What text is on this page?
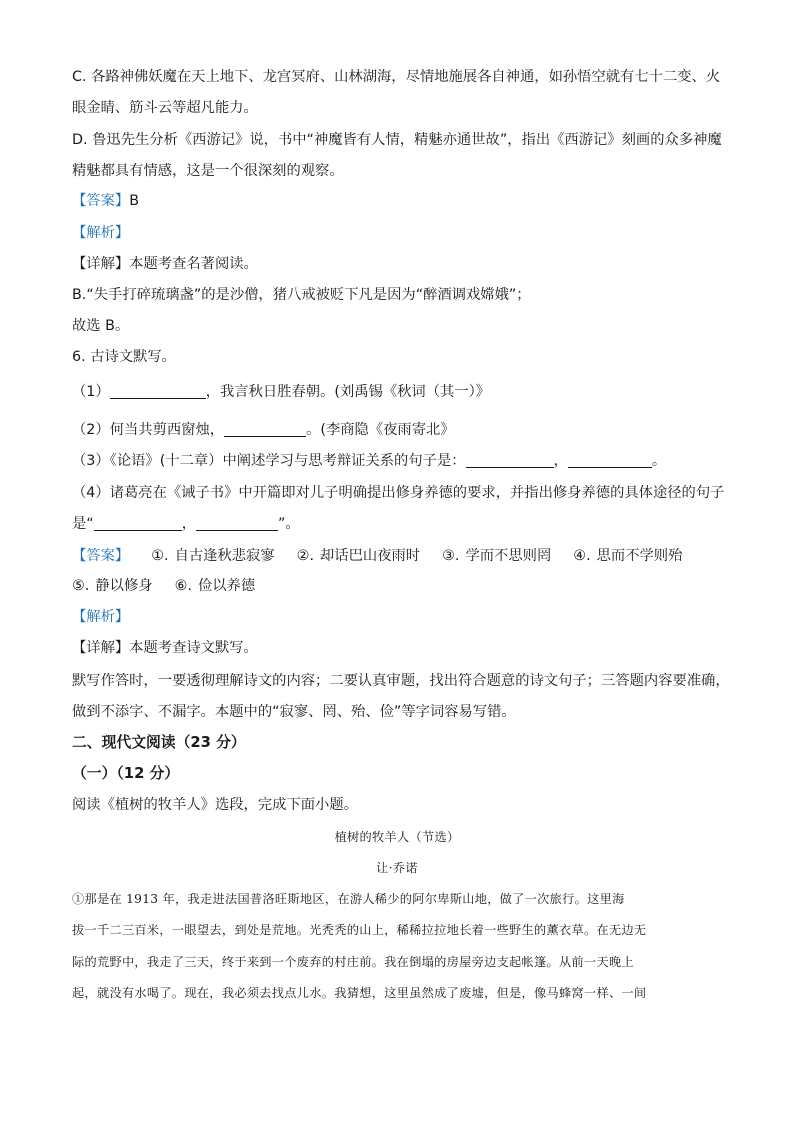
C. 各路神佛妖魔在天上地下、龙宫冥府、山林湖海，尽情地施展各自神通，如孙悟空就有七十二变、火
眼金睛、筋斗云等超凡能力。
D. 鲁迅先生分析《西游记》说，书中“神魔皆有人情，精魅亦通世故”，指出《西游记》刻画的众多神魔
精魅都具有情感，这是一个很深刻的观察。
【答案】B
【解析】
【详解】本题考查名著阅读。
B.“失手打碎琉璃盏”的是沙僧，猪八戒被贬下凡是因为“醉酒调戏嫦娥”；
故选 B。
6. 古诗文默写。
（1）	，我言秋日胜春朝。(刘禹锡《秋词（其一）》
（2）何当共剪西窗烛，	。(李商隐《夜雨寄北》
（3）《论语》(十二章）中阐述学习与思考辩证关系的句子是：	，	。
（4）诸葛亮在《诫子书》中开篇即对儿子明确提出修身养德的要求，并指出修身养德的具体途径的句子
是“	，	”。
【答案】 ①. 自古逢秋悲寂寥 ②. 却话巴山夜雨时 ③. 学而不思则罔 ④. 思而不学则殆
⑤. 静以修身 ⑥. 俭以养德
【解析】
【详解】本题考查诗文默写。
默写作答时，一要透彻理解诗文的内容；二要认真审题，找出符合题意的诗文句子；三答题内容要准确，
做到不添字、不漏字。本题中的“寂寥、罔、殆、俭”等字词容易写错。
二、现代文阅读（23 分）
（一）（12 分）
阅读《植树的牧羊人》选段，完成下面小题。
植树的牧羊人（节选）
让·乔诺
①那是在 1913 年，我走进法国普洛旺斯地区，在游人稀少的阿尔卑斯山地，做了一次旅行。这里海
拔一千二三百米，一眼望去，到处是荒地。光秃秃的山上，稀稀拉拉地长着一些野生的薰衣草。在无边无
际的荒野中，我走了三天，终于来到一个废弃的村庄前。我在倒塌的房屋旁边支起帐篷。从前一天晚上
起，就没有水喝了。现在，我必须去找点儿水。我猜想，这里虽然成了废墟，但是，像马蜂窝一样、一间
